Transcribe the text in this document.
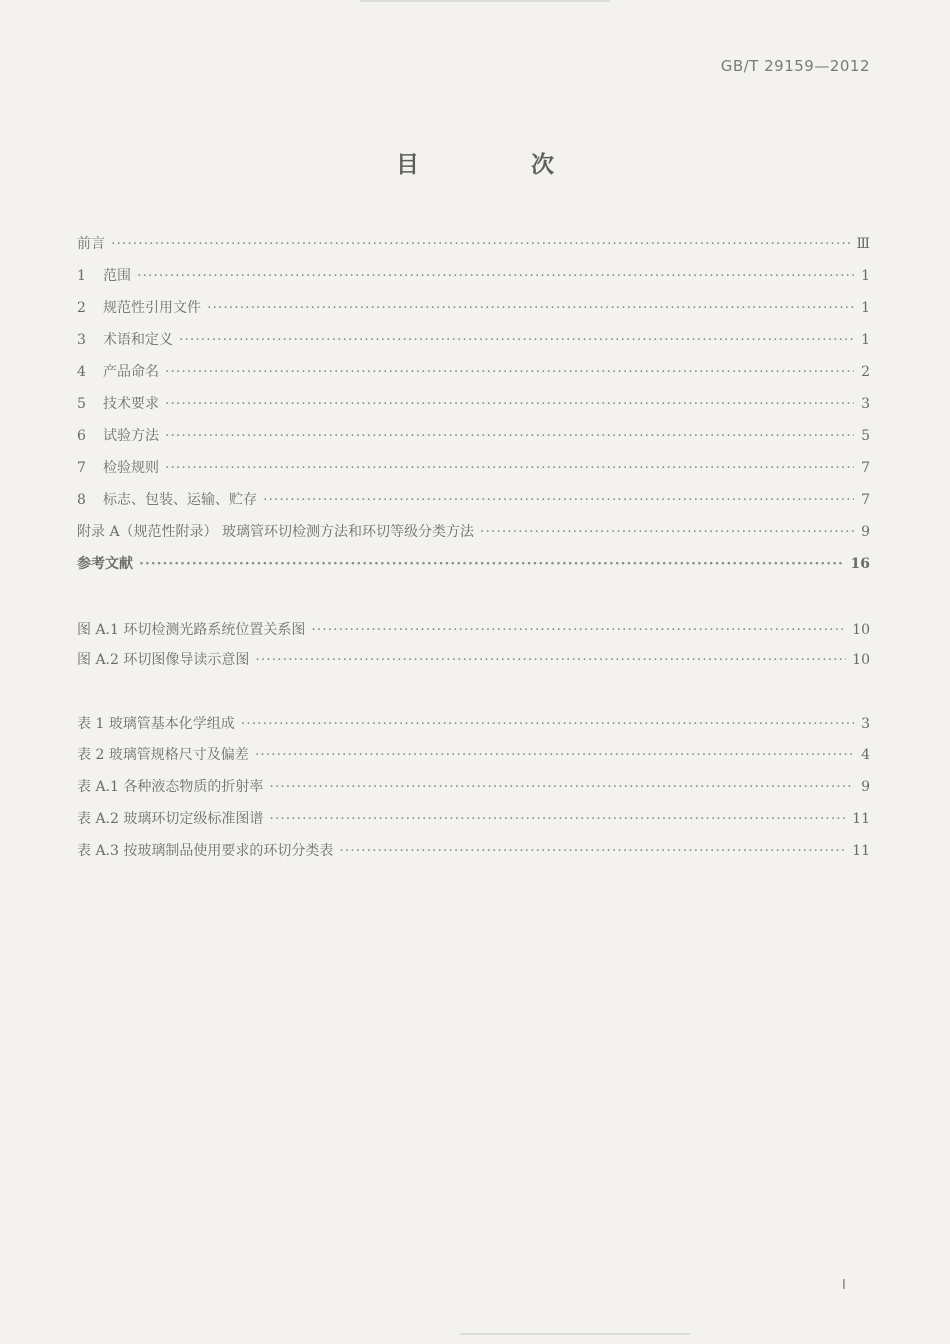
GB/T 29159—2012
目 次
前言 ·····	Ⅲ
1	范围 ·····	1
2	规范性引用文件 ·····	1
3	术语和定义 ·····	1
4	产品命名 ·····	2
5	技术要求 ·····	3
6	试验方法 ·····	5
7	检验规则 ·····	7
8	标志、包装、运输、贮存 ·····	7
附录 A（规范性附录） 玻璃管环切检测方法和环切等级分类方法 ·····	9
参考文献 ·····	16
图 A.1 环切检测光路系统位置关系图 ·····	10
图 A.2 环切图像导读示意图 ·····	10
表 1 玻璃管基本化学组成 ·····	3
表 2 玻璃管规格尺寸及偏差 ·····	4
表 A.1 各种液态物质的折射率 ·····	9
表 A.2 玻璃环切定级标准图谱 ·····	11
表 A.3 按玻璃制品使用要求的环切分类表 ·····	11
I
